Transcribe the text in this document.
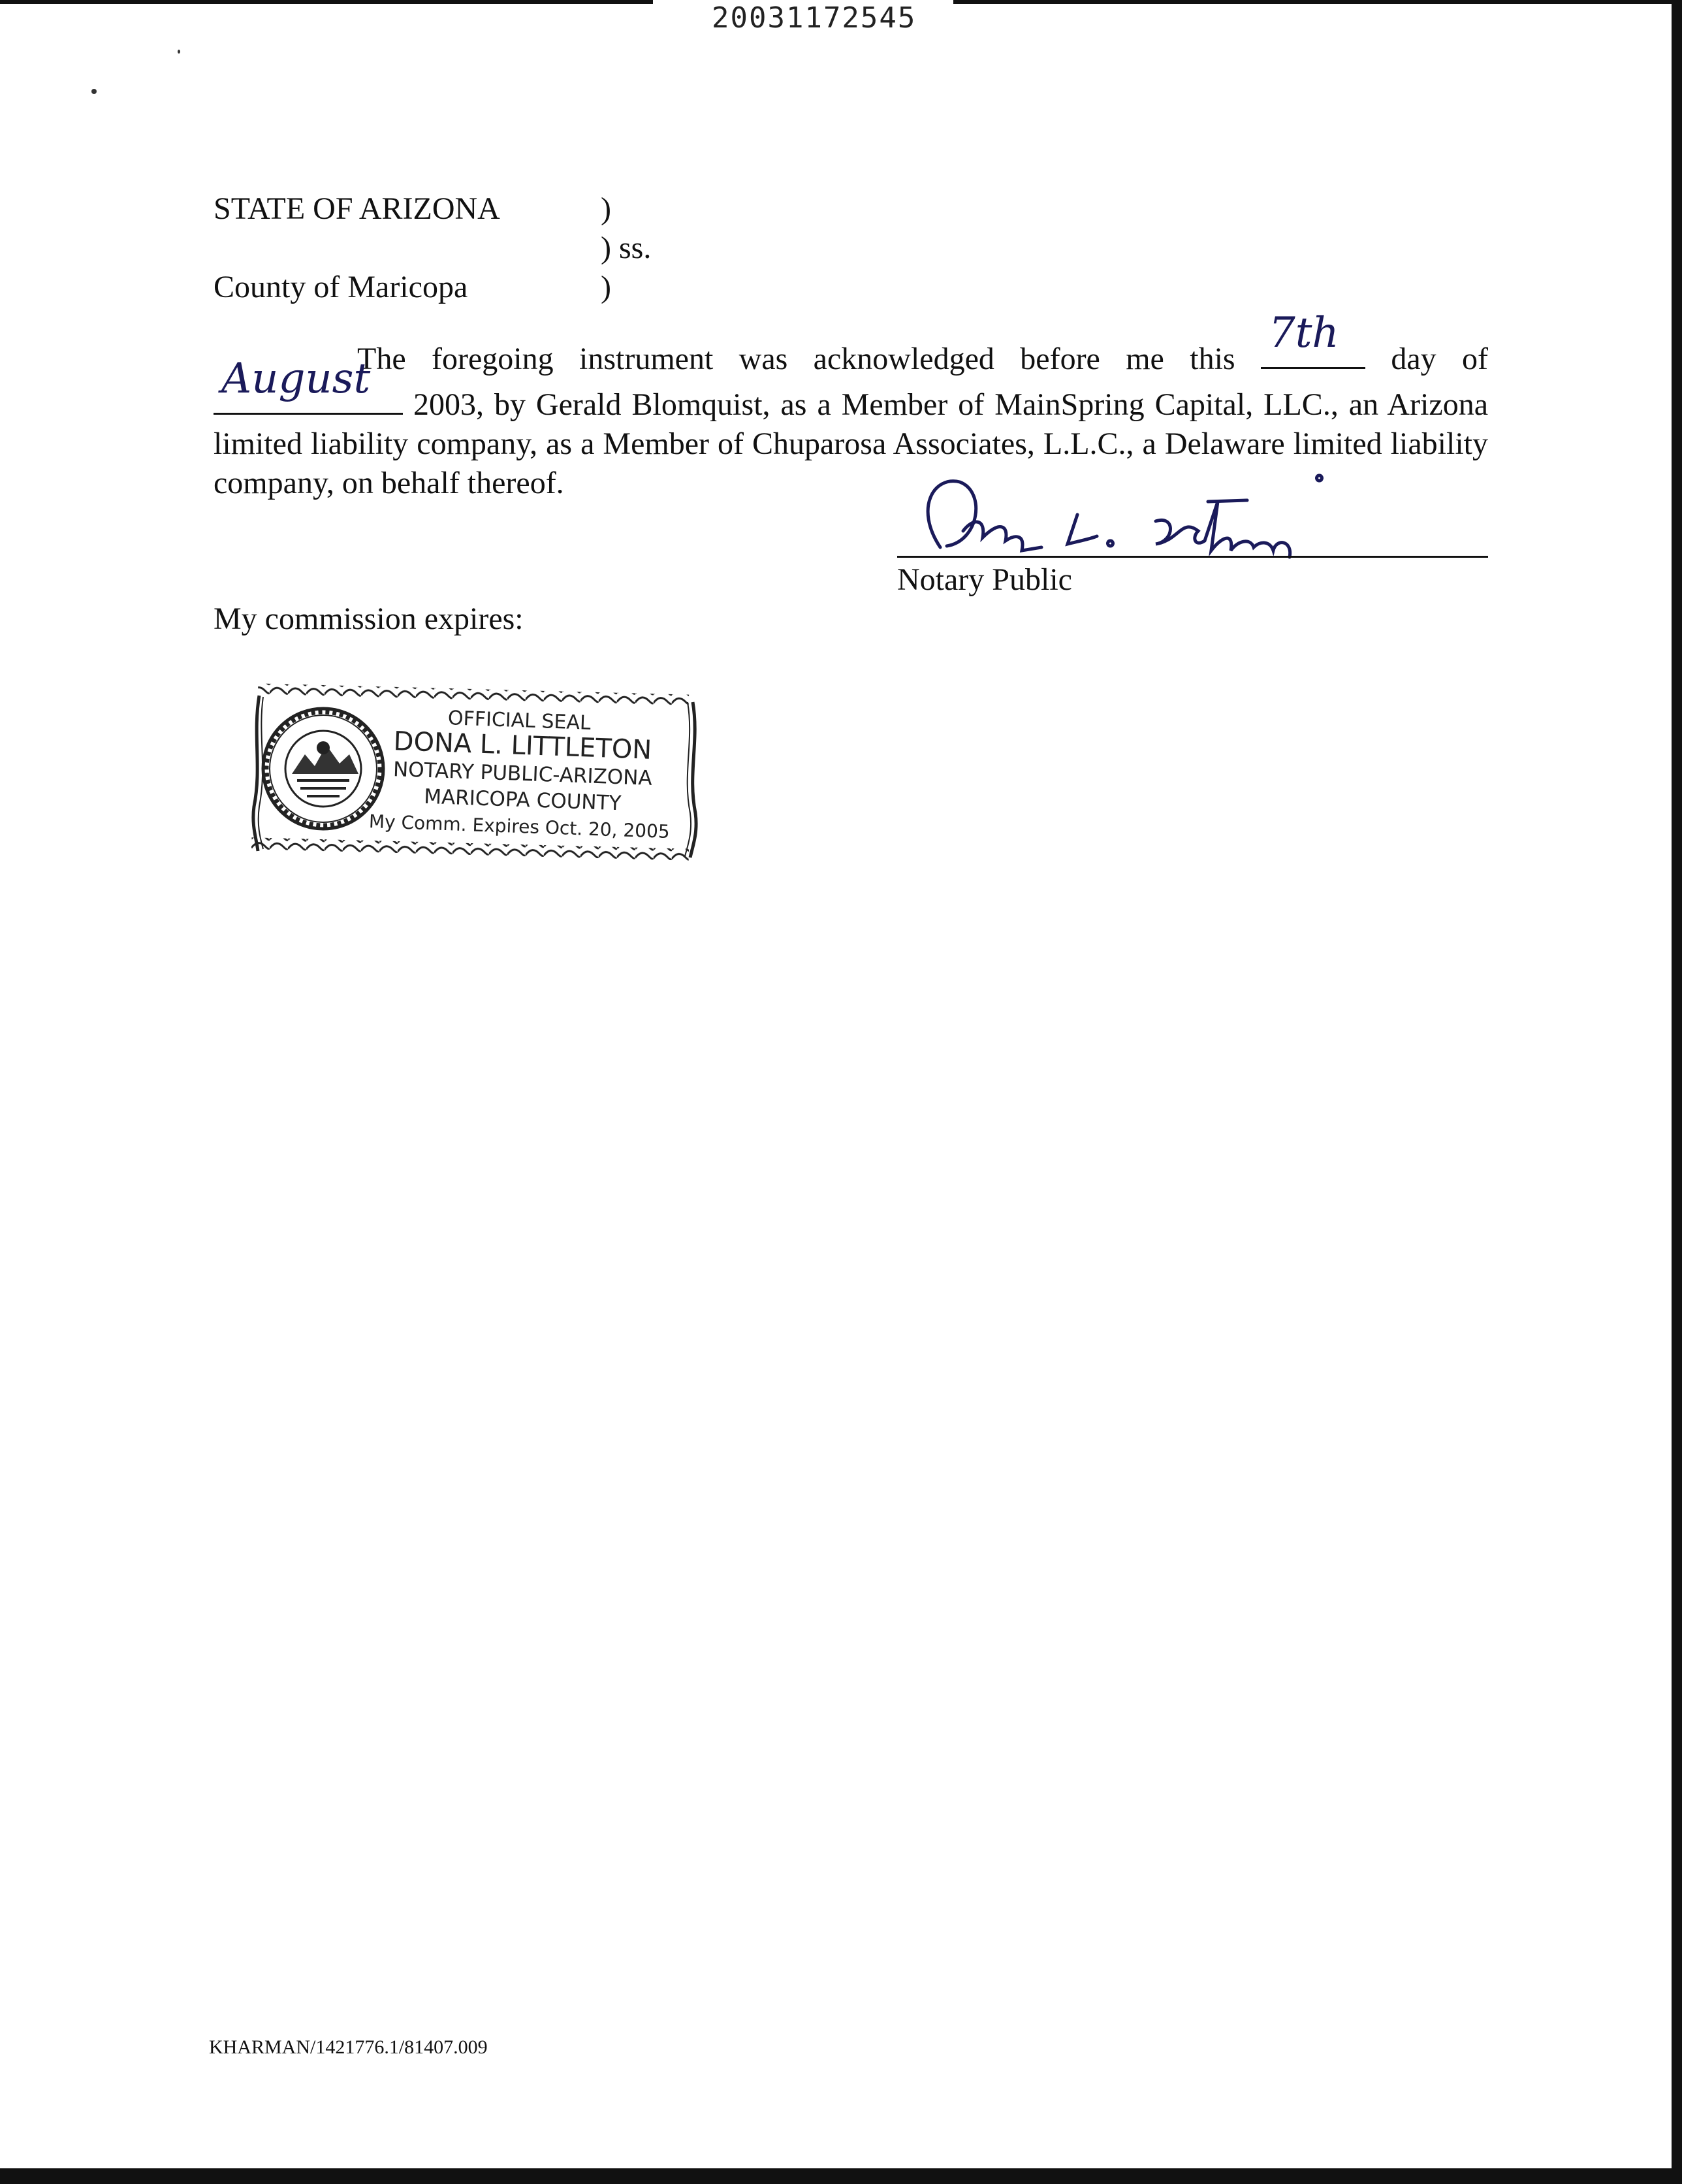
20031172545
STATE OF ARIZONA	)
) ss.
County of Maricopa	)
The foregoing instrument was acknowledged before me this
7th
day of
August
2003, by Gerald Blomquist, as a Member of MainSpring Capital, LLC., an Arizona limited liability company, as a Member of Chuparosa Associates, L.L.C., a Delaware limited liability company, on behalf thereof.
Notary Public
My commission expires:
OFFICIAL SEAL
DONA L. LITTLETON
NOTARY PUBLIC-ARIZONA
MARICOPA COUNTY
My Comm. Expires Oct. 20, 2005
KHARMAN/1421776.1/81407.009
